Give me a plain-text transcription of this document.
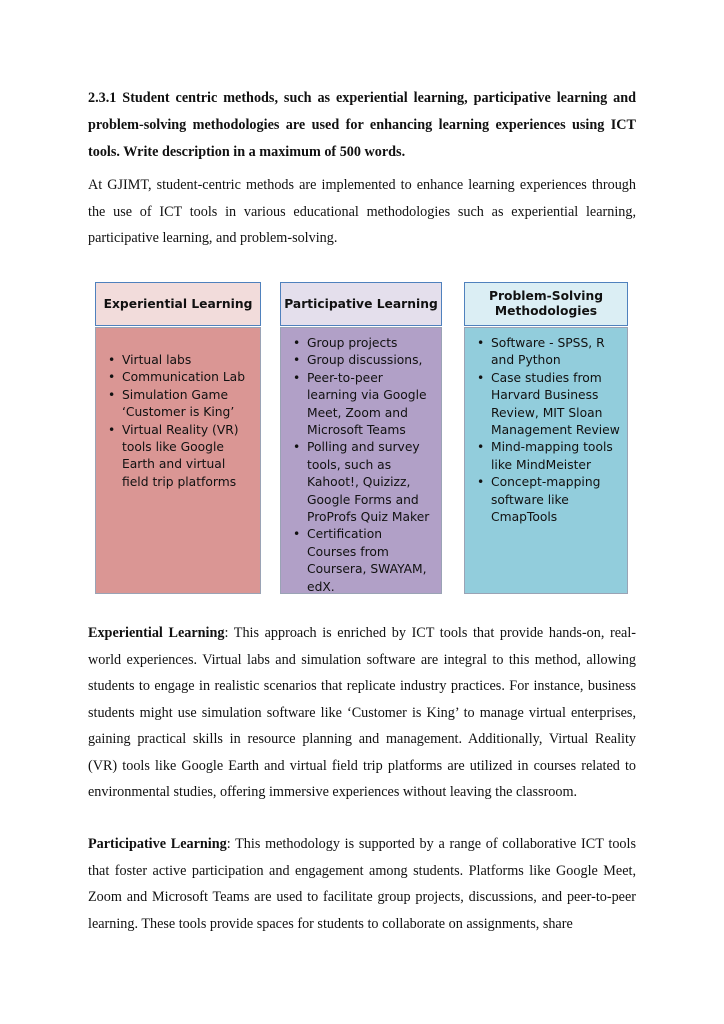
2.3.1 Student centric methods, such as experiential learning, participative learning and problem-solving methodologies are used for enhancing learning experiences using ICT tools. Write description in a maximum of 500 words.

At GJIMT, student-centric methods are implemented to enhance learning experiences through the use of ICT tools in various educational methodologies such as experiential learning, participative learning, and problem-solving.

Experiential Learning
• Virtual labs
• Communication Lab
• Simulation Game ‘Customer is King’
• Virtual Reality (VR) tools like Google Earth and virtual field trip platforms
Participative Learning
• Group projects
• Group discussions,
• Peer-to-peer learning via Google Meet, Zoom and Microsoft Teams
• Polling and survey tools, such as Kahoot!, Quizizz, Google Forms and ProProfs Quiz Maker
• Certification Courses from Coursera, SWAYAM, edX.
Problem-Solving Methodologies
• Software - SPSS, R and Python
• Case studies from Harvard Business Review, MIT Sloan Management Review
• Mind-mapping tools like MindMeister
• Concept-mapping software like CmapTools

Experiential Learning: This approach is enriched by ICT tools that provide hands-on, real-world experiences. Virtual labs and simulation software are integral to this method, allowing students to engage in realistic scenarios that replicate industry practices. For instance, business students might use simulation software like ‘Customer is King’ to manage virtual enterprises, gaining practical skills in resource planning and management. Additionally, Virtual Reality (VR) tools like Google Earth and virtual field trip platforms are utilized in courses related to environmental studies, offering immersive experiences without leaving the classroom.

Participative Learning: This methodology is supported by a range of collaborative ICT tools that foster active participation and engagement among students. Platforms like Google Meet, Zoom and Microsoft Teams are used to facilitate group projects, discussions, and peer-to-peer learning. These tools provide spaces for students to collaborate on assignments, share
